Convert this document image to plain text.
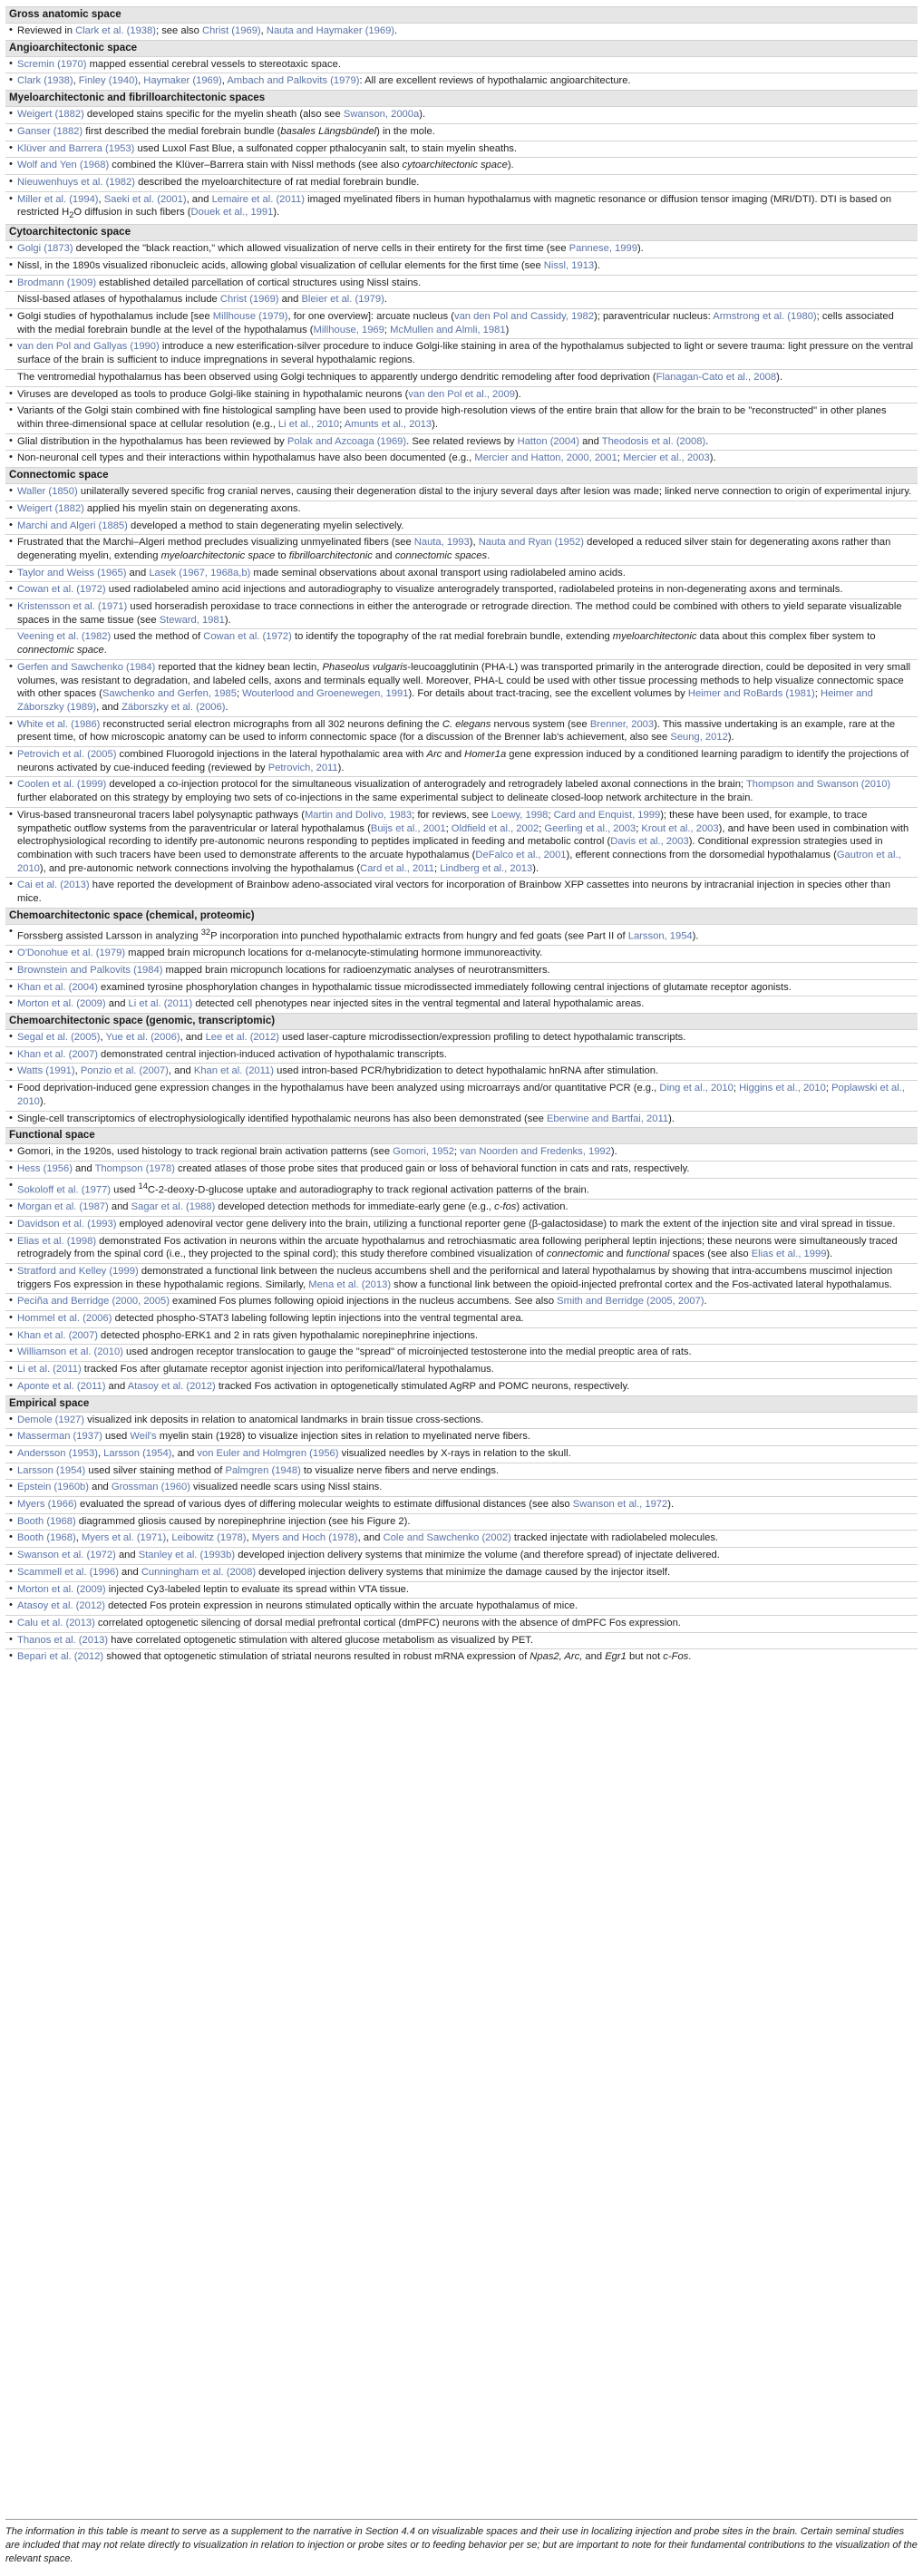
Gross anatomic space
• Reviewed in Clark et al. (1938); see also Christ (1969), Nauta and Haymaker (1969).
Angioarchitectonic space
• Scremin (1970) mapped essential cerebral vessels to stereotaxic space.
• Clark (1938), Finley (1940), Haymaker (1969), Ambach and Palkovits (1979): All are excellent reviews of hypothalamic angioarchitecture.
Myeloarchitectonic and fibrilloarchitectonic spaces
• Weigert (1882) developed stains specific for the myelin sheath (also see Swanson, 2000a).
• Ganser (1882) first described the medial forebrain bundle (basales Längsbündel) in the mole.
• Klüver and Barrera (1953) used Luxol Fast Blue, a sulfonated copper pthalocyanin salt, to stain myelin sheaths.
• Wolf and Yen (1968) combined the Klüver–Barrera stain with Nissl methods (see also cytoarchitectonic space).
• Nieuwenhuys et al. (1982) described the myeloarchitecture of rat medial forebrain bundle.
• Miller et al. (1994), Saeki et al. (2001), and Lemaire et al. (2011) imaged myelinated fibers in human hypothalamus with magnetic resonance or diffusion tensor imaging (MRI/DTI). DTI is based on restricted $H_2O$ diffusion in such fibers (Douek et al., 1991).
Cytoarchitectonic space
• Golgi (1873) developed the "black reaction," which allowed visualization of nerve cells in their entirety for the first time (see Pannese, 1999).
• Nissl, in the 1890s visualized ribonucleic acids, allowing global visualization of cellular elements for the first time (see Nissl, 1913).
• Brodmann (1909) established detailed parcellation of cortical structures using Nissl stains.
Nissl-based atlases of hypothalamus include Christ (1969) and Bleier et al. (1979).
• Golgi studies of hypothalamus include [see Millhouse (1979), for one overview]: arcuate nucleus (van den Pol and Cassidy, 1982); paraventricular nucleus: Armstrong et al. (1980); cells associated with the medial forebrain bundle at the level of the hypothalamus (Millhouse, 1969; McMullen and Almli, 1981)
• van den Pol and Gallyas (1990) introduce a new esterification-silver procedure to induce Golgi-like staining in area of the hypothalamus subjected to light or severe trauma: light pressure on the ventral surface of the brain is sufficient to induce impregnations in several hypothalamic regions.
The ventromedial hypothalamus has been observed using Golgi techniques to apparently undergo dendritic remodeling after food deprivation (Flanagan-Cato et al., 2008).
• Viruses are developed as tools to produce Golgi-like staining in hypothalamic neurons (van den Pol et al., 2009).
• Variants of the Golgi stain combined with fine histological sampling have been used to provide high-resolution views of the entire brain that allow for the brain to be "reconstructed" in other planes within three-dimensional space at cellular resolution (e.g., Li et al., 2010; Amunts et al., 2013).
• Glial distribution in the hypothalamus has been reviewed by Polak and Azcoaga (1969). See related reviews by Hatton (2004) and Theodosis et al. (2008).
• Non-neuronal cell types and their interactions within hypothalamus have also been documented (e.g., Mercier and Hatton, 2000, 2001; Mercier et al., 2003).
Connectomic space
• Waller (1850) unilaterally severed specific frog cranial nerves, causing their degeneration distal to the injury several days after lesion was made; linked nerve connection to origin of experimental injury.
• Weigert (1882) applied his myelin stain on degenerating axons.
• Marchi and Algeri (1885) developed a method to stain degenerating myelin selectively.
• Frustrated that the Marchi–Algeri method precludes visualizing unmyelinated fibers (see Nauta, 1993), Nauta and Ryan (1952) developed a reduced silver stain for degenerating axons rather than degenerating myelin, extending myeloarchitectonic space to fibrilloarchitectonic and connectomic spaces.
• Taylor and Weiss (1965) and Lasek (1967, 1968a,b) made seminal observations about axonal transport using radiolabeled amino acids.
• Cowan et al. (1972) used radiolabeled amino acid injections and autoradiography to visualize anterogradely transported, radiolabeled proteins in non-degenerating axons and terminals.
• Kristensson et al. (1971) used horseradish peroxidase to trace connections in either the anterograde or retrograde direction. The method could be combined with others to yield separate visualizable spaces in the same tissue (see Steward, 1981).
Veening et al. (1982) used the method of Cowan et al. (1972) to identify the topography of the rat medial forebrain bundle, extending myeloarchitectonic data about this complex fiber system to connectomic space.
• Gerfen and Sawchenko (1984) reported that the kidney bean lectin, Phaseolus vulgaris-leucoagglutinin (PHA-L) was transported primarily in the anterograde direction, could be deposited in very small volumes, was resistant to degradation, and labeled cells, axons and terminals equally well. Moreover, PHA-L could be used with other tissue processing methods to help visualize connectomic space with other spaces (Sawchenko and Gerfen, 1985; Wouterlood and Groenewegen, 1991). For details about tract-tracing, see the excellent volumes by Heimer and RoBards (1981); Heimer and Záborszky (1989), and Záborszky et al. (2006).
• White et al. (1986) reconstructed serial electron micrographs from all 302 neurons defining the C. elegans nervous system (see Brenner, 2003). This massive undertaking is an example, rare at the present time, of how microscopic anatomy can be used to inform connectomic space (for a discussion of the Brenner lab's achievement, also see Seung, 2012).
• Petrovich et al. (2005) combined Fluorogold injections in the lateral hypothalamic area with Arc and Homer1a gene expression induced by a conditioned learning paradigm to identify the projections of neurons activated by cue-induced feeding (reviewed by Petrovich, 2011).
• Coolen et al. (1999) developed a co-injection protocol for the simultaneous visualization of anterogradely and retrogradely labeled axonal connections in the brain; Thompson and Swanson (2010) further elaborated on this strategy by employing two sets of co-injections in the same experimental subject to delineate closed-loop network architecture in the brain.
• Virus-based transneuronal tracers label polysynaptic pathways (Martin and Dolivo, 1983; for reviews, see Loewy, 1998; Card and Enquist, 1999); these have been used, for example, to trace sympathetic outflow systems from the paraventricular or lateral hypothalamus (Buijs et al., 2001; Oldfield et al., 2002; Geerling et al., 2003; Krout et al., 2003), and have been used in combination with electrophysiological recording to identify pre-autonomic neurons responding to peptides implicated in feeding and metabolic control (Davis et al., 2003). Conditional expression strategies used in combination with such tracers have been used to demonstrate afferents to the arcuate hypothalamus (DeFalco et al., 2001), efferent connections from the dorsomedial hypothalamus (Gautron et al., 2010), and pre-autonomic network connections involving the hypothalamus (Card et al., 2011; Lindberg et al., 2013).
• Cai et al. (2013) have reported the development of Brainbow adeno-associated viral vectors for incorporation of Brainbow XFP cassettes into neurons by intracranial injection in species other than mice.
Chemoarchitectonic space (chemical, proteomic)
• Forssberg assisted Larsson in analyzing $^{32}$P incorporation into punched hypothalamic extracts from hungry and fed goats (see Part II of Larsson, 1954).
• O'Donohue et al. (1979) mapped brain micropunch locations for α-melanocyte-stimulating hormone immunoreactivity.
• Brownstein and Palkovits (1984) mapped brain micropunch locations for radioenzymatic analyses of neurotransmitters.
• Khan et al. (2004) examined tyrosine phosphorylation changes in hypothalamic tissue microdissected immediately following central injections of glutamate receptor agonists.
• Morton et al. (2009) and Li et al. (2011) detected cell phenotypes near injected sites in the ventral tegmental and lateral hypothalamic areas.
Chemoarchitectonic space (genomic, transcriptomic)
• Segal et al. (2005), Yue et al. (2006), and Lee et al. (2012) used laser-capture microdissection/expression profiling to detect hypothalamic transcripts.
• Khan et al. (2007) demonstrated central injection-induced activation of hypothalamic transcripts.
• Watts (1991), Ponzio et al. (2007), and Khan et al. (2011) used intron-based PCR/hybridization to detect hypothalamic hnRNA after stimulation.
• Food deprivation-induced gene expression changes in the hypothalamus have been analyzed using microarrays and/or quantitative PCR (e.g., Ding et al., 2010; Higgins et al., 2010; Poplawski et al., 2010).
• Single-cell transcriptomics of electrophysiologically identified hypothalamic neurons has also been demonstrated (see Eberwine and Bartfai, 2011).
Functional space
• Gomori, in the 1920s, used histology to track regional brain activation patterns (see Gomori, 1952; van Noorden and Fredenks, 1992).
• Hess (1956) and Thompson (1978) created atlases of those probe sites that produced gain or loss of behavioral function in cats and rats, respectively.
• Sokoloff et al. (1977) used $^{14}$C-2-deoxy-D-glucose uptake and autoradiography to track regional activation patterns of the brain.
• Morgan et al. (1987) and Sagar et al. (1988) developed detection methods for immediate-early gene (e.g., c-fos) activation.
• Davidson et al. (1993) employed adenoviral vector gene delivery into the brain, utilizing a functional reporter gene (β-galactosidase) to mark the extent of the injection site and viral spread in tissue.
• Elias et al. (1998) demonstrated Fos activation in neurons within the arcuate hypothalamus and retrochiasmatic area following peripheral leptin injections; these neurons were simultaneously traced retrogradely from the spinal cord (i.e., they projected to the spinal cord); this study therefore combined visualization of connectomic and functional spaces (see also Elias et al., 1999).
• Stratford and Kelley (1999) demonstrated a functional link between the nucleus accumbens shell and the perifornical and lateral hypothalamus by showing that intra-accumbens muscimol injection triggers Fos expression in these hypothalamic regions. Similarly, Mena et al. (2013) show a functional link between the opioid-injected prefrontal cortex and the Fos-activated lateral hypothalamus.
• Peciña and Berridge (2000, 2005) examined Fos plumes following opioid injections in the nucleus accumbens. See also Smith and Berridge (2005, 2007).
• Hommel et al. (2006) detected phospho-STAT3 labeling following leptin injections into the ventral tegmental area.
• Khan et al. (2007) detected phospho-ERK1 and 2 in rats given hypothalamic norepinephrine injections.
• Williamson et al. (2010) used androgen receptor translocation to gauge the "spread" of microinjected testosterone into the medial preoptic area of rats.
• Li et al. (2011) tracked Fos after glutamate receptor agonist injection into perifornical/lateral hypothalamus.
• Aponte et al. (2011) and Atasoy et al. (2012) tracked Fos activation in optogenetically stimulated AgRP and POMC neurons, respectively.
Empirical space
• Demole (1927) visualized ink deposits in relation to anatomical landmarks in brain tissue cross-sections.
• Masserman (1937) used Weil's myelin stain (1928) to visualize injection sites in relation to myelinated nerve fibers.
• Andersson (1953), Larsson (1954), and von Euler and Holmgren (1956) visualized needles by X-rays in relation to the skull.
• Larsson (1954) used silver staining method of Palmgren (1948) to visualize nerve fibers and nerve endings.
• Epstein (1960b) and Grossman (1960) visualized needle scars using Nissl stains.
• Myers (1966) evaluated the spread of various dyes of differing molecular weights to estimate diffusional distances (see also Swanson et al., 1972).
• Booth (1968) diagrammed gliosis caused by norepinephrine injection (see his Figure 2).
• Booth (1968), Myers et al. (1971), Leibowitz (1978), Myers and Hoch (1978), and Cole and Sawchenko (2002) tracked injectate with radiolabeled molecules.
• Swanson et al. (1972) and Stanley et al. (1993b) developed injection delivery systems that minimize the volume (and therefore spread) of injectate delivered.
• Scammell et al. (1996) and Cunningham et al. (2008) developed injection delivery systems that minimize the damage caused by the injector itself.
• Morton et al. (2009) injected Cy3-labeled leptin to evaluate its spread within VTA tissue.
• Atasoy et al. (2012) detected Fos protein expression in neurons stimulated optically within the arcuate hypothalamus of mice.
• Calu et al. (2013) correlated optogenetic silencing of dorsal medial prefrontal cortical (dmPFC) neurons with the absence of dmPFC Fos expression.
• Thanos et al. (2013) have correlated optogenetic stimulation with altered glucose metabolism as visualized by PET.
• Bepari et al. (2012) showed that optogenetic stimulation of striatal neurons resulted in robust mRNA expression of Npas2, Arc, and Egr1 but not c-Fos.
The information in this table is meant to serve as a supplement to the narrative in Section 4.4 on visualizable spaces and their use in localizing injection and probe sites in the brain. Certain seminal studies are included that may not relate directly to visualization in relation to injection or probe sites or to feeding behavior per se; but are important to note for their fundamental contributions to the visualization of the relevant space.
